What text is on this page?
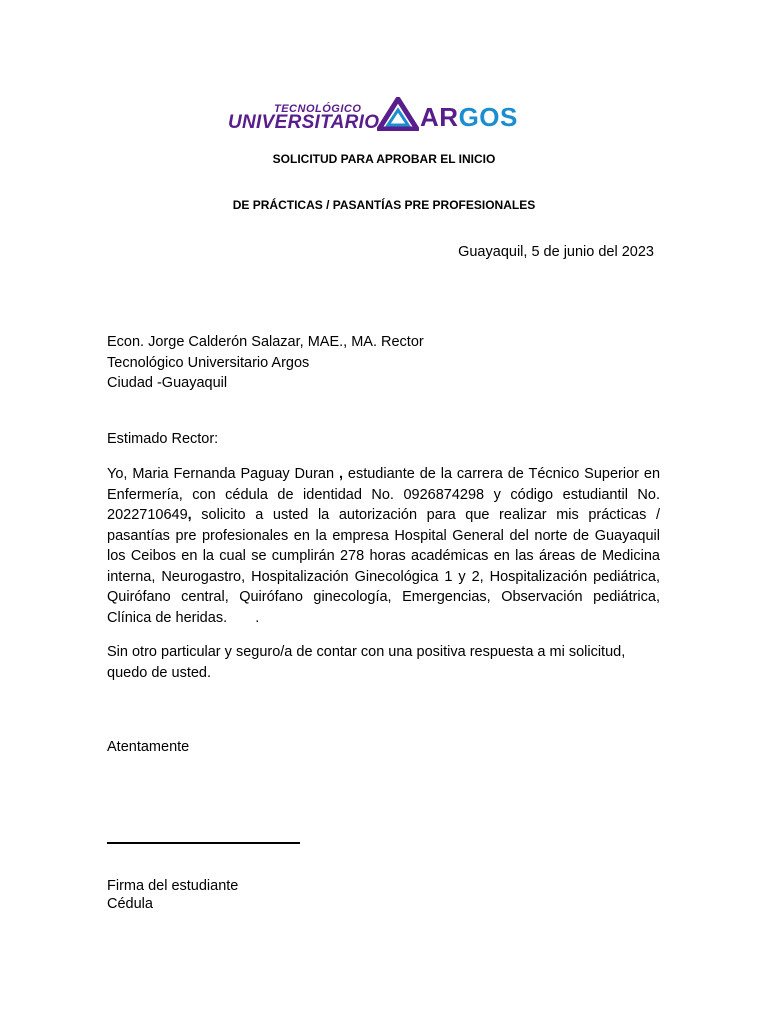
TECNOLÓGICO
UNIVERSITARIO ARGOS
SOLICITUD PARA APROBAR EL INICIO
DE PRÁCTICAS / PASANTÍAS PRE PROFESIONALES
Guayaquil, 5 de junio del 2023
Econ. Jorge Calderón Salazar, MAE., MA. Rector
Tecnológico Universitario Argos
Ciudad -Guayaquil
Estimado Rector:
Yo, Maria Fernanda Paguay Duran , estudiante de la carrera de Técnico Superior en Enfermería, con cédula de identidad No. 0926874298 y código estudiantil No. 2022710649, solicito a usted la autorización para que realizar mis prácticas / pasantías pre profesionales en la empresa Hospital General del norte de Guayaquil los Ceibos en la cual se cumplirán 278 horas académicas en las áreas de Medicina interna, Neurogastro, Hospitalización Ginecológica 1 y 2, Hospitalización pediátrica, Quirófano central, Quirófano ginecología, Emergencias, Observación pediátrica, Clínica de heridas.       .
Sin otro particular y seguro/a de contar con una positiva respuesta a mi solicitud, quedo de usted.
Atentamente
Firma del estudiante
Cédula
